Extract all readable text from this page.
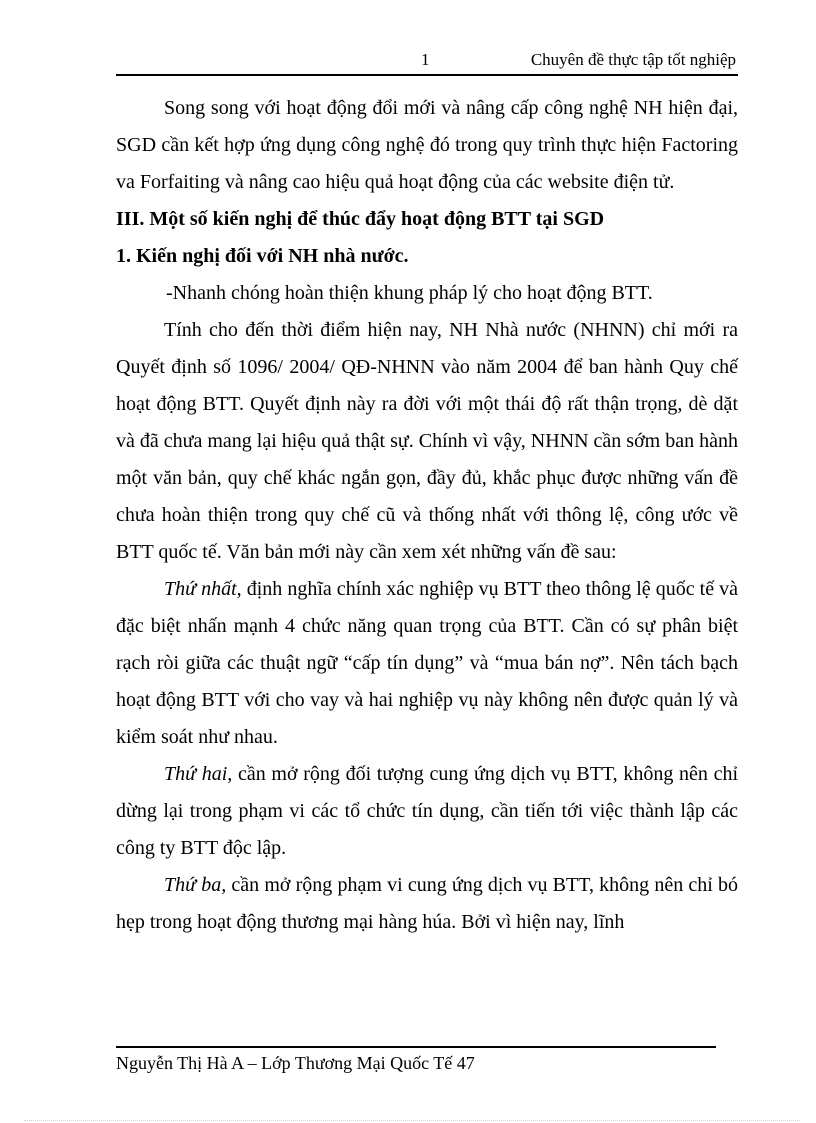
1	Chuyên đề thực tập tốt nghiệp

Song song với hoạt động đổi mới và nâng cấp công nghệ NH hiện đại, SGD cần kết hợp ứng dụng công nghệ đó trong quy trình thực hiện Factoring va Forfaiting và nâng cao hiệu quả hoạt động của các website điện tử.

III. Một số kiến nghị để thúc đẩy hoạt động BTT tại SGD

1. Kiến nghị đối với NH nhà nước.

-Nhanh chóng hoàn thiện khung pháp lý cho hoạt động BTT.

Tính cho đến thời điểm hiện nay, NH Nhà nước (NHNN) chỉ mới ra Quyết định số 1096/ 2004/ QĐ-NHNN vào năm 2004 để ban hành Quy chế hoạt động BTT. Quyết định này ra đời với một thái độ rất thận trọng, dè dặt và đã chưa mang lại hiệu quả thật sự. Chính vì vậy, NHNN cần sớm ban hành một văn bản, quy chế khác ngắn gọn, đầy đủ, khắc phục được những vấn đề chưa hoàn thiện trong quy chế cũ và thống nhất với thông lệ, công ước về BTT quốc tế. Văn bản mới này cần xem xét những vấn đề sau:

Thứ nhất, định nghĩa chính xác nghiệp vụ BTT theo thông lệ quốc tế và đặc biệt nhấn mạnh 4 chức năng quan trọng của BTT. Cần có sự phân biệt rạch ròi giữa các thuật ngữ “cấp tín dụng” và “mua bán nợ”. Nên tách bạch hoạt động BTT với cho vay và hai nghiệp vụ này không nên được quản lý và kiểm soát như nhau.

Thứ hai, cần mở rộng đối tượng cung ứng dịch vụ BTT, không nên chỉ dừng lại trong phạm vi các tổ chức tín dụng, cần tiến tới việc thành lập các công ty BTT độc lập.

Thứ ba, cần mở rộng phạm vi cung ứng dịch vụ BTT, không nên chỉ bó hẹp trong hoạt động thương mại hàng húa. Bởi vì hiện nay, lĩnh

Nguyễn Thị Hà A – Lớp Thương Mại Quốc Tế 47
